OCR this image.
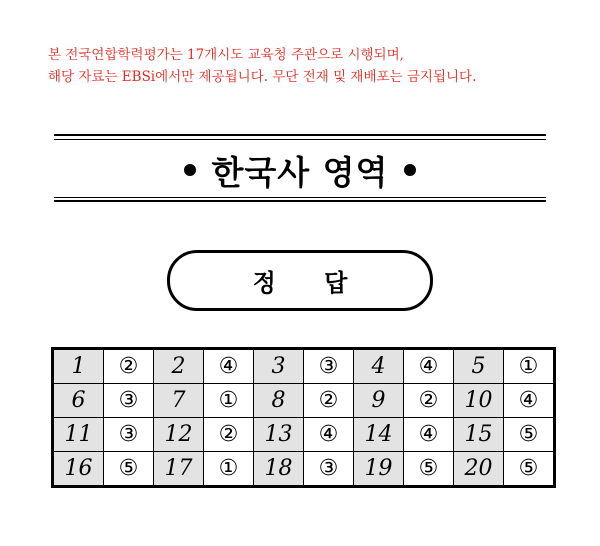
본 전국연합학력평가는 17개시도 교육청 주관으로 시행되며,
해당 자료는 EBSi에서만 제공됩니다. 무단 전재 및 재배포는 금지됩니다.
한국사 영역
정 답
1	②	2	④	3	③	4	④	5	①
6	③	7	①	8	②	9	②	10	④
11	③	12	②	13	④	14	④	15	⑤
16	⑤	17	①	18	③	19	⑤	20	⑤
